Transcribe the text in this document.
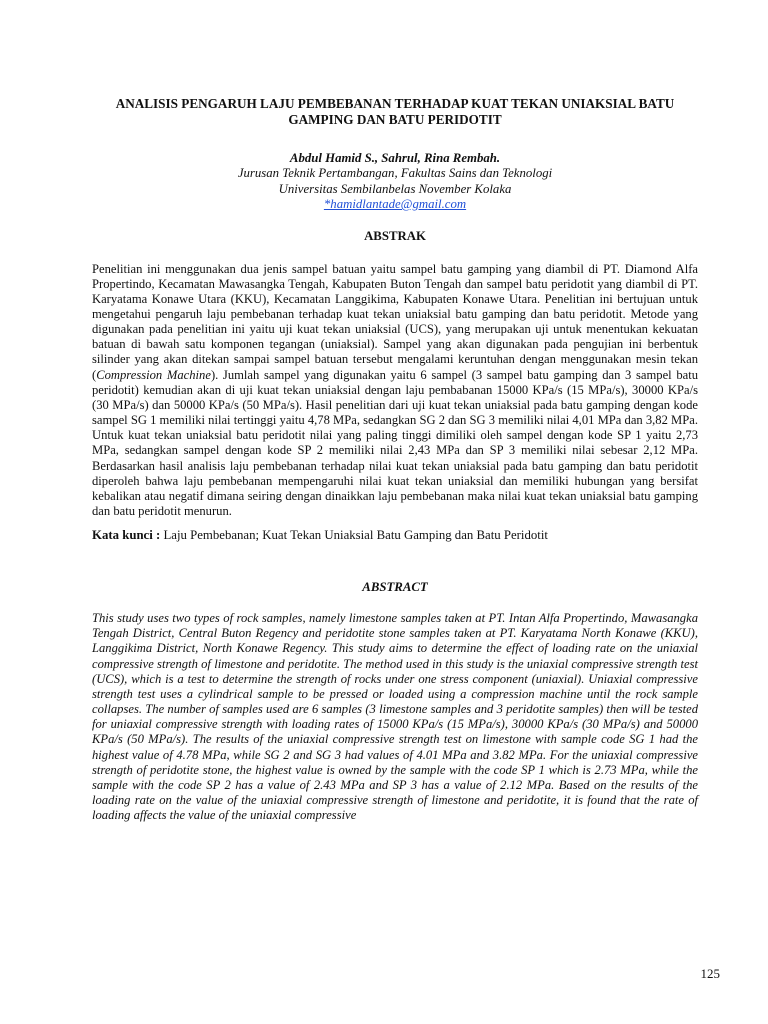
ANALISIS PENGARUH LAJU PEMBEBANAN TERHADAP KUAT TEKAN UNIAKSIAL BATU GAMPING DAN BATU PERIDOTIT
Abdul Hamid S., Sahrul, Rina Rembah.
Jurusan Teknik Pertambangan, Fakultas Sains dan Teknologi
Universitas Sembilanbelas November Kolaka
*hamidlantade@gmail.com
ABSTRAK
Penelitian ini menggunakan dua jenis sampel batuan yaitu sampel batu gamping yang diambil di PT. Diamond Alfa Propertindo, Kecamatan Mawasangka Tengah, Kabupaten Buton Tengah dan sampel batu peridotit yang diambil di PT. Karyatama Konawe Utara (KKU), Kecamatan Langgikima, Kabupaten Konawe Utara. Penelitian ini bertujuan untuk mengetahui pengaruh laju pembebanan terhadap kuat tekan uniaksial batu gamping dan batu peridotit. Metode yang digunakan pada penelitian ini yaitu uji kuat tekan uniaksial (UCS), yang merupakan uji untuk menentukan kekuatan batuan di bawah satu komponen tegangan (uniaksial). Sampel yang akan digunakan pada pengujian ini berbentuk silinder yang akan ditekan sampai sampel batuan tersebut mengalami keruntuhan dengan menggunakan mesin tekan (Compression Machine). Jumlah sampel yang digunakan yaitu 6 sampel (3 sampel batu gamping dan 3 sampel batu peridotit) kemudian akan di uji kuat tekan uniaksial dengan laju pembabanan 15000 KPa/s (15 MPa/s), 30000 KPa/s (30 MPa/s) dan 50000 KPa/s (50 MPa/s). Hasil penelitian dari uji kuat tekan uniaksial pada batu gamping dengan kode sampel SG 1 memiliki nilai tertinggi yaitu 4,78 MPa, sedangkan SG 2 dan SG 3 memiliki nilai 4,01 MPa dan 3,82 MPa. Untuk kuat tekan uniaksial batu peridotit nilai yang paling tinggi dimiliki oleh sampel dengan kode SP 1 yaitu 2,73 MPa, sedangkan sampel dengan kode SP 2 memiliki nilai 2,43 MPa dan SP 3 memiliki nilai sebesar 2,12 MPa. Berdasarkan hasil analisis laju pembebanan terhadap nilai kuat tekan uniaksial pada batu gamping dan batu peridotit diperoleh bahwa laju pembebanan mempengaruhi nilai kuat tekan uniaksial dan memiliki hubungan yang bersifat kebalikan atau negatif dimana seiring dengan dinaikkan laju pembebanan maka nilai kuat tekan uniaksial batu gamping dan batu peridotit menurun.
Kata kunci : Laju Pembebanan; Kuat Tekan Uniaksial Batu Gamping dan Batu Peridotit
ABSTRACT
This study uses two types of rock samples, namely limestone samples taken at PT. Intan Alfa Propertindo, Mawasangka Tengah District, Central Buton Regency and peridotite stone samples taken at PT. Karyatama North Konawe (KKU), Langgikima District, North Konawe Regency. This study aims to determine the effect of loading rate on the uniaxial compressive strength of limestone and peridotite. The method used in this study is the uniaxial compressive strength test (UCS), which is a test to determine the strength of rocks under one stress component (uniaxial). Uniaxial compressive strength test uses a cylindrical sample to be pressed or loaded using a compression machine until the rock sample collapses. The number of samples used are 6 samples (3 limestone samples and 3 peridotite samples) then will be tested for uniaxial compressive strength with loading rates of 15000 KPa/s (15 MPa/s), 30000 KPa/s (30 MPa/s) and 50000 KPa/s (50 MPa/s). The results of the uniaxial compressive strength test on limestone with sample code SG 1 had the highest value of 4.78 MPa, while SG 2 and SG 3 had values of 4.01 MPa and 3.82 MPa. For the uniaxial compressive strength of peridotite stone, the highest value is owned by the sample with the code SP 1 which is 2.73 MPa, while the sample with the code SP 2 has a value of 2.43 MPa and SP 3 has a value of 2.12 MPa. Based on the results of the loading rate on the value of the uniaxial compressive strength of limestone and peridotite, it is found that the rate of loading affects the value of the uniaxial compressive
125
